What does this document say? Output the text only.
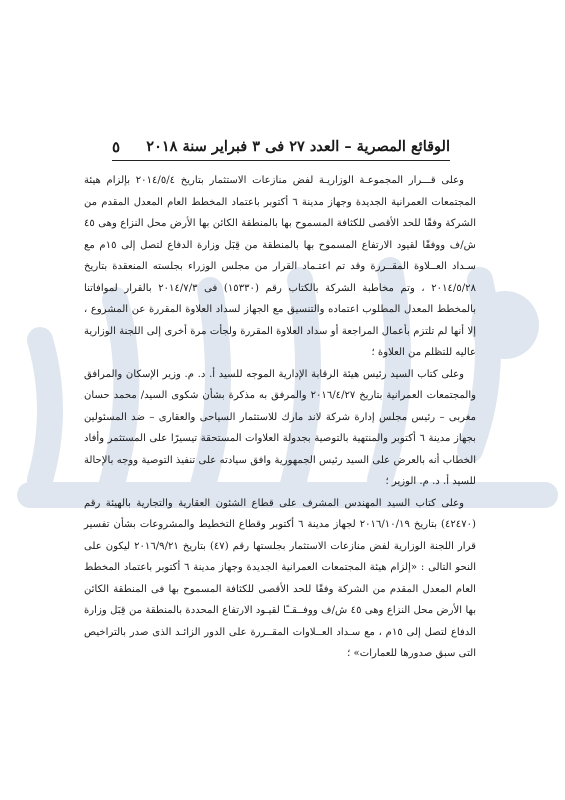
٥ الوقائع المصرية – العدد ٢٧ فى ٣ فبراير سنة ٢٠١٨

وعلى قـــرار المجموعـة الوزاريـة لفض منازعات الاستثمار بتاريخ ٢٠١٤/٥/٤ بإلزام هيئة المجتمعات العمرانية الجديدة وجهاز مدينة ٦ أكتوبر باعتماد المخطط العام المعدل المقدم من الشركة وفقًا للحد الأقصى للكثافة المسموح بها بالمنطقة الكائن بها الأرض محل النزاع وهى ٤٥ ش/ف ووفقًا لقيود الارتفاع المسموح بها بالمنطقة من قِبَل وزارة الدفاع لتصل إلى ١٥م مع سـداد العــلاوة المقــررة وقد تم اعتـماد القرار من مجلس الوزراء بجلسته المنعقدة بتاريخ ٢٠١٤/٥/٢٨ ، وتم مخاطبة الشركة بالكتاب رقم (١٥٣٣٠) فى ٢٠١٤/٧/٣ بالقرار لموافاتنا بالمخطط المعدل المطلوب اعتماده والتنسيق مع الجهاز لسداد العلاوة المقررة عن المشروع ، إلا أنها لم تلتزم بأعمال المراجعة أو سداد العلاوة المقررة ولجأت مرة أخرى إلى اللجنة الوزارية عاليه للتظلم من العلاوة ؛

وعلى كتاب السيد رئيس هيئة الرقابة الإدارية الموجه للسيد أ. د. م. وزير الإسكان والمرافق والمجتمعات العمرانية بتاريخ ٢٠١٦/٤/٢٧ والمرفق به مذكرة بشأن شكوى السيد/ محمد حسان مغربى – رئيس مجلس إدارة شركة لاند مارك للاستثمار السياحى والعقارى – ضد المسئولين بجهاز مدينة ٦ أكتوبر والمنتهية بالتوصية بجدولة العلاوات المستحقة تيسيرًا على المستثمر وأفاد الخطاب أنه بالعرض على السيد رئيس الجمهورية وافق سيادته على تنفيذ التوصية ووجه بالإحالة للسيد أ. د. م. الوزير ؛

وعلى كتاب السيد المهندس المشرف على قطاع الشئون العقارية والتجارية بالهيئة رقم (٤٢٤٧٠) بتاريخ ٢٠١٦/١٠/١٩ لجهاز مدينة ٦ أكتوبر وقطاع التخطيط والمشروعات بشأن تفسير قرار اللجنة الوزارية لفض منازعات الاستثمار بجلستها رقم (٤٧) بتاريخ ٢٠١٦/٩/٢١ ليكون على النحو التالى : «إلزام هيئة المجتمعات العمرانية الجديدة وجهاز مدينة ٦ أكتوبر باعتماد المخطط العام المعدل المقدم من الشركة وفقًا للحد الأقصى للكثافة المسموح بها فى المنطقة الكائن بها الأرض محل النزاع وهى ٤٥ ش/ف ووفــقــًا لقيـود الارتفاع المحددة بالمنطقة من قِبَل وزارة الدفاع لتصل إلى ١٥م ، مع سـداد العــلاوات المقــررة على الدور الزائـد الذى صدر بالتراخيص التى سبق صدورها للعمارات» ؛
